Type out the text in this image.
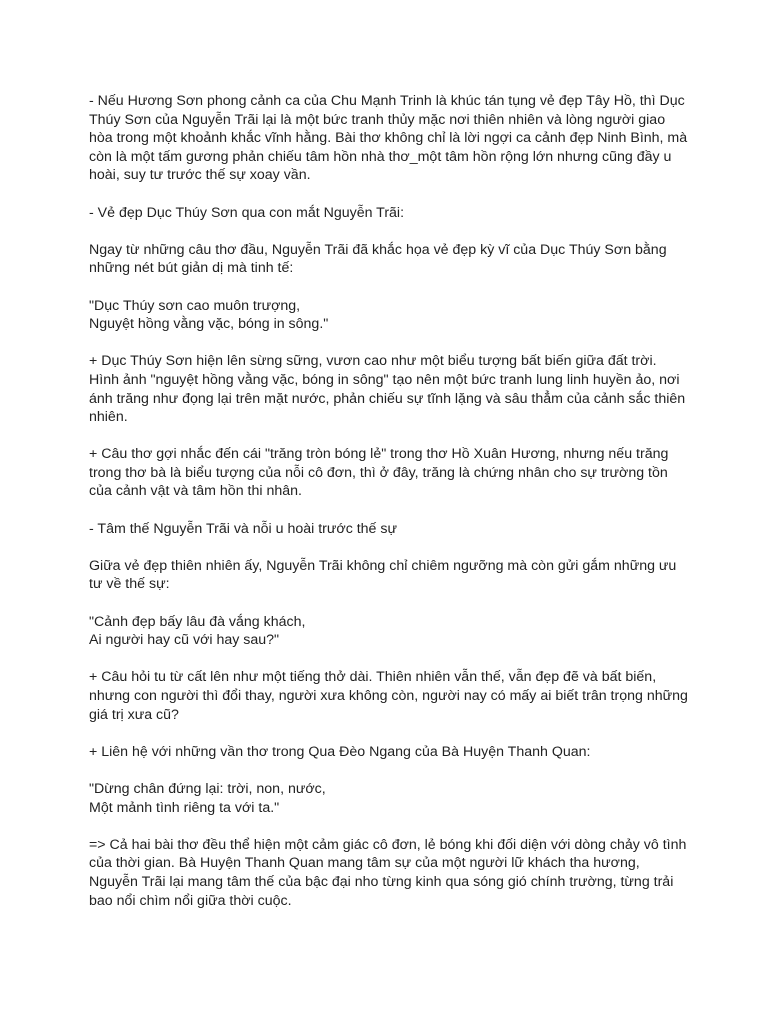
- Nếu Hương Sơn phong cảnh ca của Chu Mạnh Trinh là khúc tán tụng vẻ đẹp Tây Hồ, thì Dục Thúy Sơn của Nguyễn Trãi lại là một bức tranh thủy mặc nơi thiên nhiên và lòng người giao hòa trong một khoảnh khắc vĩnh hằng. Bài thơ không chỉ là lời ngợi ca cảnh đẹp Ninh Bình, mà còn là một tấm gương phản chiếu tâm hồn nhà thơ_một tâm hồn rộng lớn nhưng cũng đầy u hoài, suy tư trước thế sự xoay vần.

- Vẻ đẹp Dục Thúy Sơn qua con mắt Nguyễn Trãi:

Ngay từ những câu thơ đầu, Nguyễn Trãi đã khắc họa vẻ đẹp kỳ vĩ của Dục Thúy Sơn bằng những nét bút giản dị mà tinh tế:

"Dục Thúy sơn cao muôn trượng,
Nguyệt hồng vằng vặc, bóng in sông."

+ Dục Thúy Sơn hiện lên sừng sững, vươn cao như một biểu tượng bất biến giữa đất trời. Hình ảnh "nguyệt hồng vằng vặc, bóng in sông" tạo nên một bức tranh lung linh huyền ảo, nơi ánh trăng như đọng lại trên mặt nước, phản chiếu sự tĩnh lặng và sâu thẳm của cảnh sắc thiên nhiên.

+ Câu thơ gợi nhắc đến cái "trăng tròn bóng lẻ" trong thơ Hồ Xuân Hương, nhưng nếu trăng trong thơ bà là biểu tượng của nỗi cô đơn, thì ở đây, trăng là chứng nhân cho sự trường tồn của cảnh vật và tâm hồn thi nhân.

- Tâm thế Nguyễn Trãi và nỗi u hoài trước thế sự

Giữa vẻ đẹp thiên nhiên ấy, Nguyễn Trãi không chỉ chiêm ngưỡng mà còn gửi gắm những ưu tư về thế sự:

"Cảnh đẹp bấy lâu đà vắng khách,
Ai người hay cũ với hay sau?"

+ Câu hỏi tu từ cất lên như một tiếng thở dài. Thiên nhiên vẫn thế, vẫn đẹp đẽ và bất biến, nhưng con người thì đổi thay, người xưa không còn, người nay có mấy ai biết trân trọng những giá trị xưa cũ?

+ Liên hệ với những vần thơ trong Qua Đèo Ngang của Bà Huyện Thanh Quan:

"Dừng chân đứng lại: trời, non, nước,
Một mảnh tình riêng ta với ta."

=> Cả hai bài thơ đều thể hiện một cảm giác cô đơn, lẻ bóng khi đối diện với dòng chảy vô tình của thời gian. Bà Huyện Thanh Quan mang tâm sự của một người lữ khách tha hương, Nguyễn Trãi lại mang tâm thế của bậc đại nho từng kinh qua sóng gió chính trường, từng trải bao nổi chìm nổi giữa thời cuộc.
